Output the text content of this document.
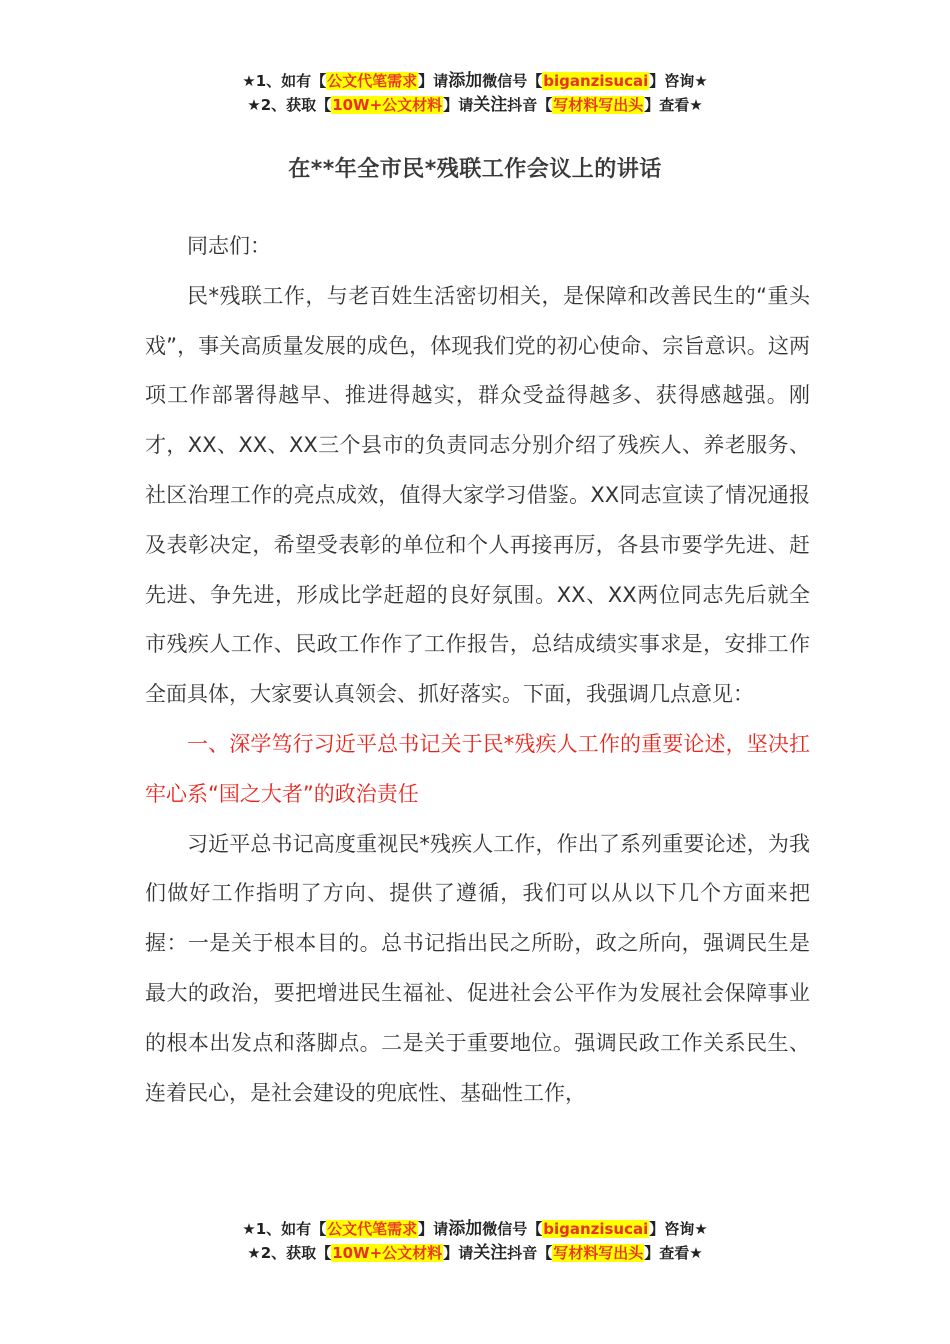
★1、如有【公文代笔需求】请添加微信号【biganzisucai】咨询★
★2、获取【10W+公文材料】请关注抖音【写材料写出头】查看★
在**年全市民*残联工作会议上的讲话

同志们：

民*残联工作，与老百姓生活密切相关，是保障和改善民生的“重头戏”，事关高质量发展的成色，体现我们党的初心使命、宗旨意识。这两项工作部署得越早、推进得越实，群众受益得越多、获得感越强。刚才，XX、XX、XX三个县市的负责同志分别介绍了残疾人、养老服务、社区治理工作的亮点成效，值得大家学习借鉴。XX同志宣读了情况通报及表彰决定，希望受表彰的单位和个人再接再厉，各县市要学先进、赶先进、争先进，形成比学赶超的良好氛围。XX、XX两位同志先后就全市残疾人工作、民政工作作了工作报告，总结成绩实事求是，安排工作全面具体，大家要认真领会、抓好落实。下面，我强调几点意见：

一、深学笃行习近平总书记关于民*残疾人工作的重要论述，坚决扛牢心系“国之大者”的政治责任

习近平总书记高度重视民*残疾人工作，作出了系列重要论述，为我们做好工作指明了方向、提供了遵循，我们可以从以下几个方面来把握：一是关于根本目的。总书记指出民之所盼，政之所向，强调民生是最大的政治，要把增进民生福祉、促进社会公平作为发展社会保障事业的根本出发点和落脚点。二是关于重要地位。强调民政工作关系民生、连着民心，是社会建设的兜底性、基础性工作，

★1、如有【公文代笔需求】请添加微信号【biganzisucai】咨询★
★2、获取【10W+公文材料】请关注抖音【写材料写出头】查看★
